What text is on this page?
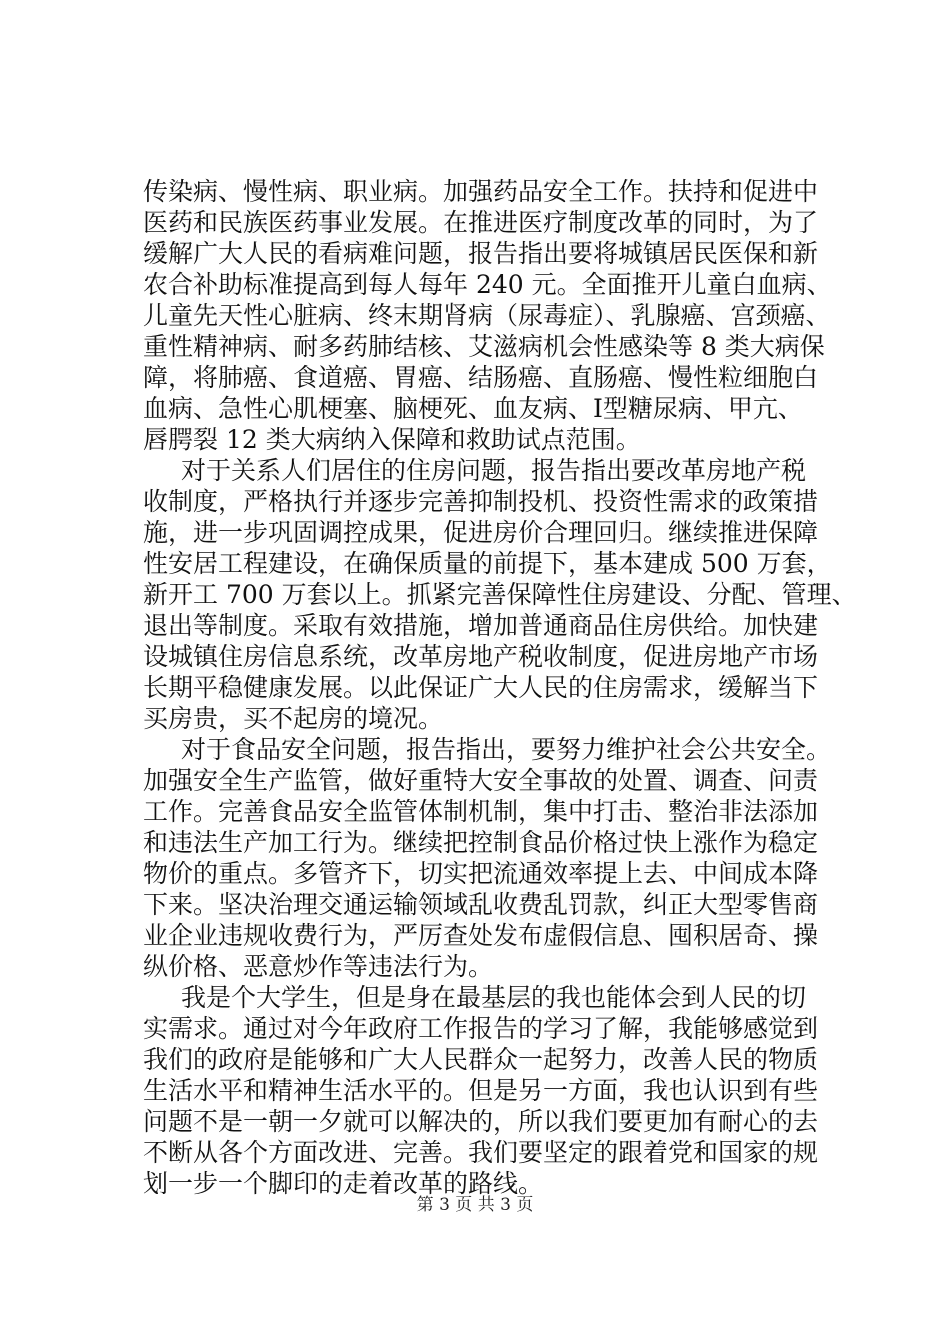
传染病、慢性病、职业病。加强药品安全工作。扶持和促进中
医药和民族医药事业发展。在推进医疗制度改革的同时，为了
缓解广大人民的看病难问题，报告指出要将城镇居民医保和新
农合补助标准提高到每人每年 240 元。全面推开儿童白血病、
儿童先天性心脏病、终末期肾病（尿毒症）、乳腺癌、宫颈癌、
重性精神病、耐多药肺结核、艾滋病机会性感染等 8 类大病保
障，将肺癌、食道癌、胃癌、结肠癌、直肠癌、慢性粒细胞白
血病、急性心肌梗塞、脑梗死、血友病、Ⅰ型糖尿病、甲亢、
唇腭裂 12 类大病纳入保障和救助试点范围。
对于关系人们居住的住房问题，报告指出要改革房地产税
收制度，严格执行并逐步完善抑制投机、投资性需求的政策措
施，进一步巩固调控成果，促进房价合理回归。继续推进保障
性安居工程建设，在确保质量的前提下，基本建成 500 万套，
新开工 700 万套以上。抓紧完善保障性住房建设、分配、管理、
退出等制度。采取有效措施，增加普通商品住房供给。加快建
设城镇住房信息系统，改革房地产税收制度，促进房地产市场
长期平稳健康发展。以此保证广大人民的住房需求，缓解当下
买房贵，买不起房的境况。
对于食品安全问题，报告指出，要努力维护社会公共安全。
加强安全生产监管，做好重特大安全事故的处置、调查、问责
工作。完善食品安全监管体制机制，集中打击、整治非法添加
和违法生产加工行为。继续把控制食品价格过快上涨作为稳定
物价的重点。多管齐下，切实把流通效率提上去、中间成本降
下来。坚决治理交通运输领域乱收费乱罚款，纠正大型零售商
业企业违规收费行为，严厉查处发布虚假信息、囤积居奇、操
纵价格、恶意炒作等违法行为。
我是个大学生，但是身在最基层的我也能体会到人民的切
实需求。通过对今年政府工作报告的学习了解，我能够感觉到
我们的政府是能够和广大人民群众一起努力，改善人民的物质
生活水平和精神生活水平的。但是另一方面，我也认识到有些
问题不是一朝一夕就可以解决的，所以我们要更加有耐心的去
不断从各个方面改进、完善。我们要坚定的跟着党和国家的规
划一步一个脚印的走着改革的路线。
第 3 页 共 3 页
